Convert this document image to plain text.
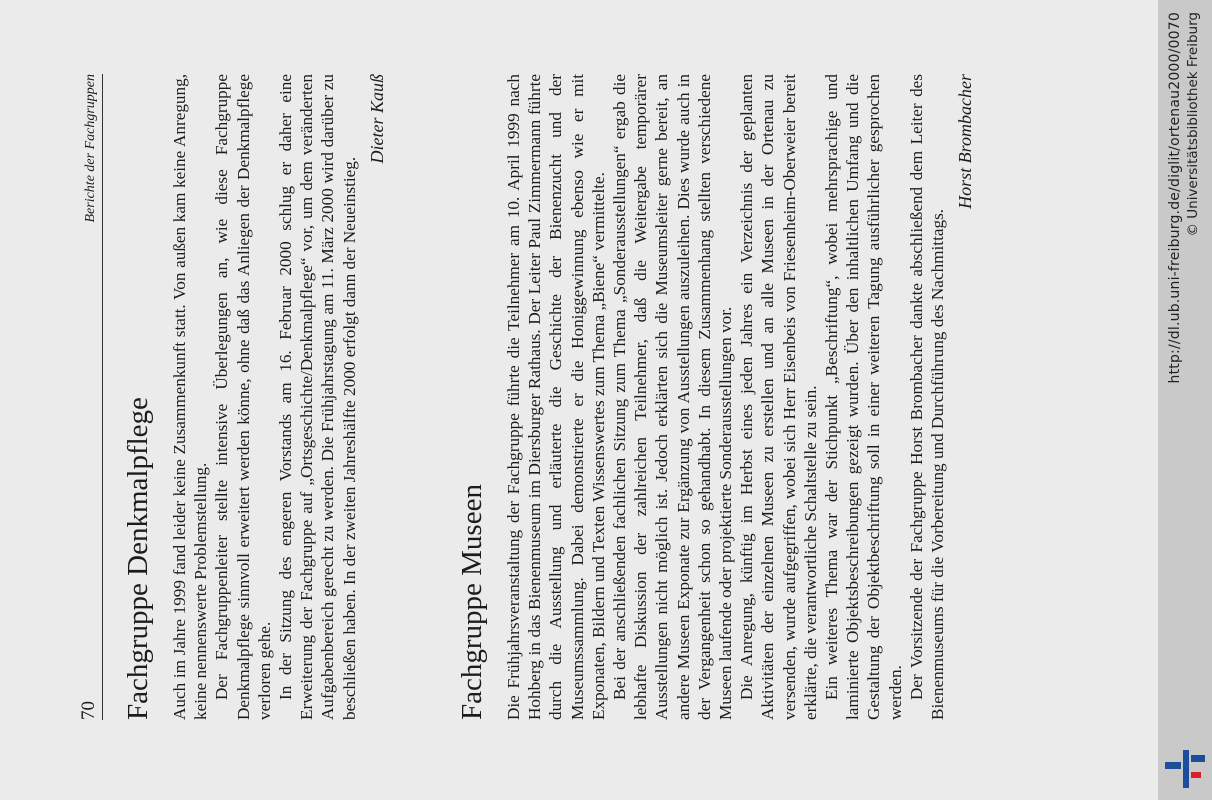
70
Berichte der Fachgruppen
Fachgruppe Denkmalpflege Auch im Jahre 1999 fand leider keine Zusammenkunft statt. Von außen kam keine Anregung, keine nennenswerte Problemstellung. Der Fachgruppenleiter stellte intensive Überlegungen an, wie diese Fachgruppe Denkmalpflege sinnvoll erweitert werden könne, ohne daß das Anliegen der Denkmalpflege verloren gehe. In der Sitzung des engeren Vorstands am 16. Februar 2000 schlug er daher eine Erweiterung der Fachgruppe auf „Ortsgeschichte/Denkmalpflege“ vor, um dem veränderten Aufgabenbereich gerecht zu werden. Die Frühjahrstagung am 11. März 2000 wird darüber zu beschließen haben. In der zweiten Jahreshälfte 2000 erfolgt dann der Neueinstieg.

Dieter Kauß
Fachgruppe Museen Die Frühjahrsveranstaltung der Fachgruppe führte die Teilnehmer am 10. April 1999 nach Hohberg in das Bienenmuseum im Diersburger Rathaus. Der Leiter Paul Zimmermann führte durch die Ausstellung und erläuterte die Geschichte der Bienenzucht und der Museumssammlung. Dabei demonstrierte er die Honiggewinnung ebenso wie er mit Exponaten, Bildern und Texten Wissenswertes zum Thema „Biene“ vermittelte. Bei der anschließenden fachlichen Sitzung zum Thema „Sonderausstellungen“ ergab die lebhafte Diskussion der zahlreichen Teilnehmer, daß die Weitergabe temporärer Ausstellungen nicht möglich ist. Jedoch erklärten sich die Museumsleiter gerne bereit, an andere Museen Exponate zur Ergänzung von Ausstellungen auszuleihen. Dies wurde auch in der Vergangenheit schon so gehandhabt. In diesem Zusammenhang stellten verschiedene Museen laufende oder projektierte Sonderausstellungen vor. Die Anregung, künftig im Herbst eines jeden Jahres ein Verzeichnis der geplanten Aktivitäten der einzelnen Museen zu erstellen und an alle Museen in der Ortenau zu versenden, wurde aufgegriffen, wobei sich Herr Eisenbeis von Friesenheim-Oberweier bereit erklärte, die verantwortliche Schaltstelle zu sein. Ein weiteres Thema war der Stichpunkt „Beschriftung“, wobei mehrsprachige und laminierte Objektsbeschreibungen gezeigt wurden. Über den inhaltlichen Umfang und die Gestaltung der Objektbeschriftung soll in einer weiteren Tagung ausführlicher gesprochen werden. Der Vorsitzende der Fachgruppe Horst Brombacher dankte abschließend dem Leiter des Bienenmuseums für die Vorbereitung und Durchführung des Nachmittags.

Horst Brombacher	http://dl.ub.uni-freiburg.de/diglit/ortenau2000/0070 © Universitätsbibliothek Freiburg
